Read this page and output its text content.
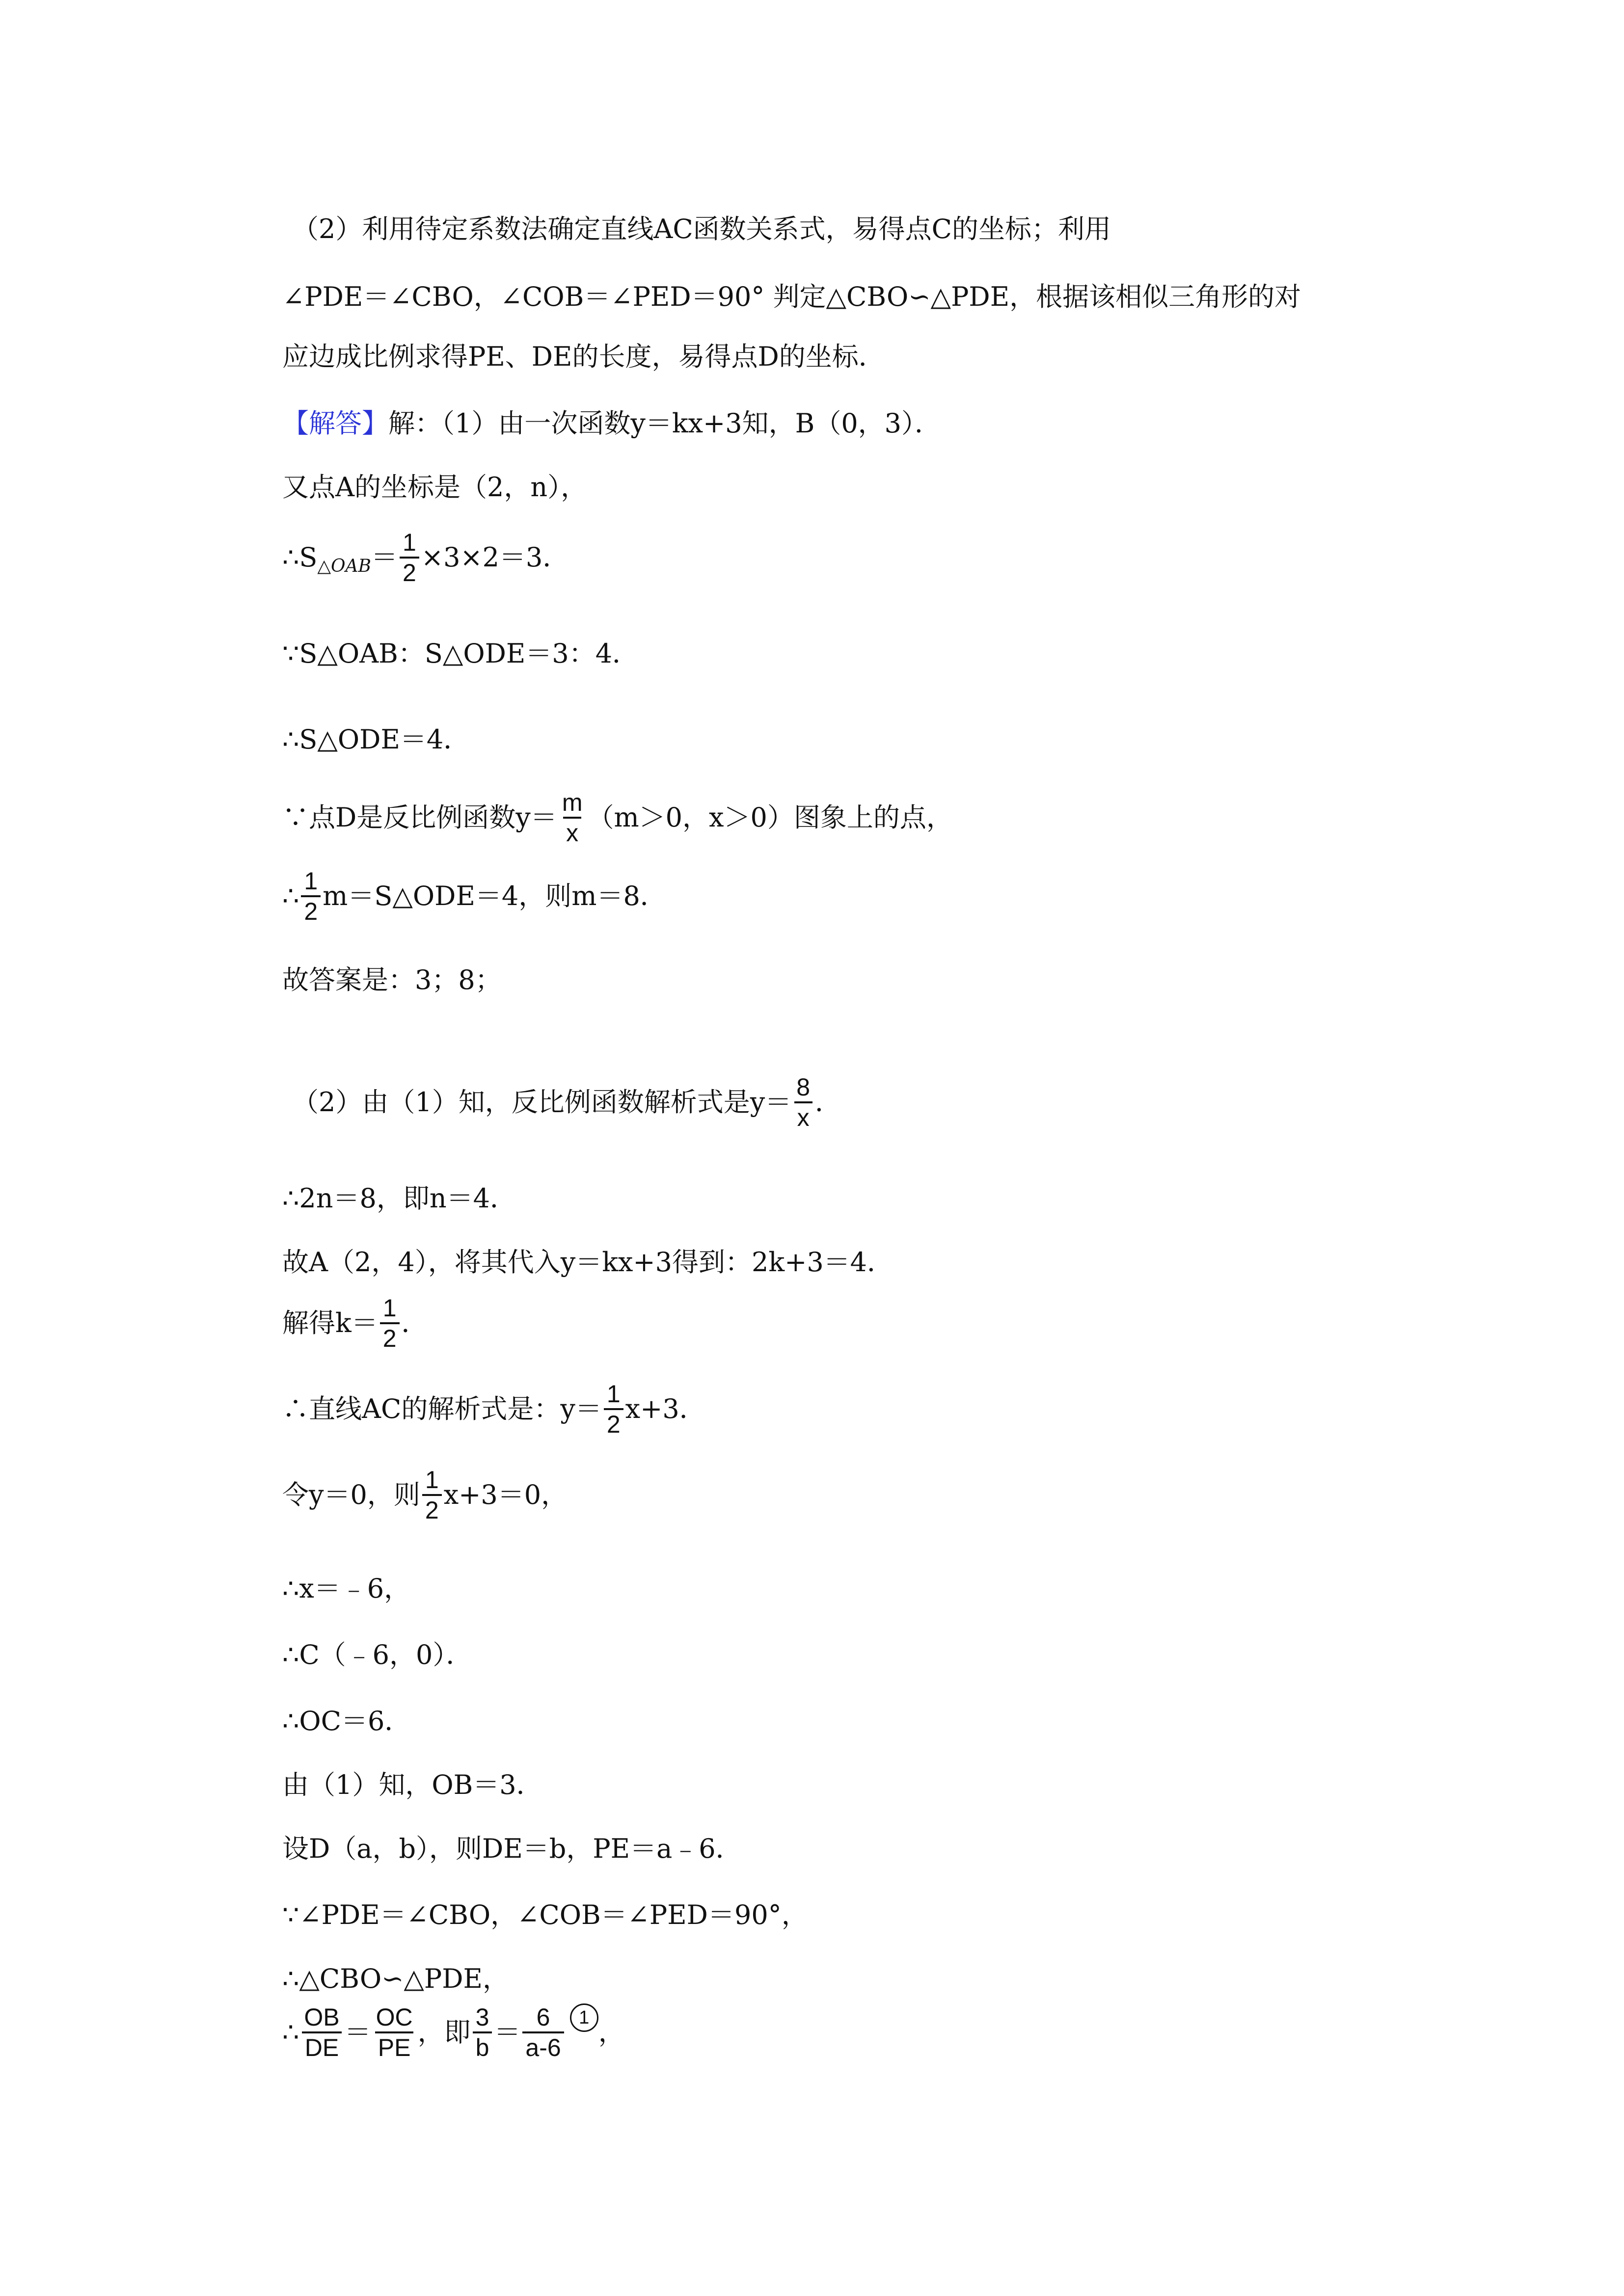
（2）利用待定系数法确定直线AC函数关系式，易得点C的坐标；利用
∠PDE＝∠CBO，∠COB＝∠PED＝90° 判定△CBO∽△PDE，根据该相似三角形的对
应边成比例求得PE、DE的长度，易得点D的坐标．
【解答】 解：（1）由一次函数y＝kx+3知，B（0，3）．
又点A的坐标是（2，n），
∴S △OAB ＝ $\frac{1}{2} \times 3\times 2=3$．
∵S△OAB：S△ODE＝3：4．
∴S△ODE＝4．
∵点D是反比例函数$y= \frac{m}{x} (m>0$，x＞0）图象上的点，
∴ $\frac{1}{2}$ m＝S△ODE＝4，则m＝8．
故答案是：3；8；
（2）由（1）知，反比例函数解析式是$y= \frac{8}{x}$ ．
∴2n＝8，即n＝4．
故A（2，4），将其代入y＝kx+3得到：2k+3＝4．
解得$k= \frac{1}{2}$ ．
∴直线AC的解析式是：$y= \frac{1}{2} x+3$．
令y＝0，则 $\frac{1}{2} x+3=0$，
∴x＝﹣6，
∴C（﹣6，0）．
∴OC＝6．
由（1）知，OB＝3．
设D（a，b），则DE＝b，PE＝a﹣6．
∵∠PDE＝∠CBO，∠COB＝∠PED＝90°，
∴△CBO∽△PDE，
∴ $\frac{OB}{DE} = \frac{OC}{PE}$ ，即 $\frac{3}{b} = \frac{6}{a-6} 1$ ，
